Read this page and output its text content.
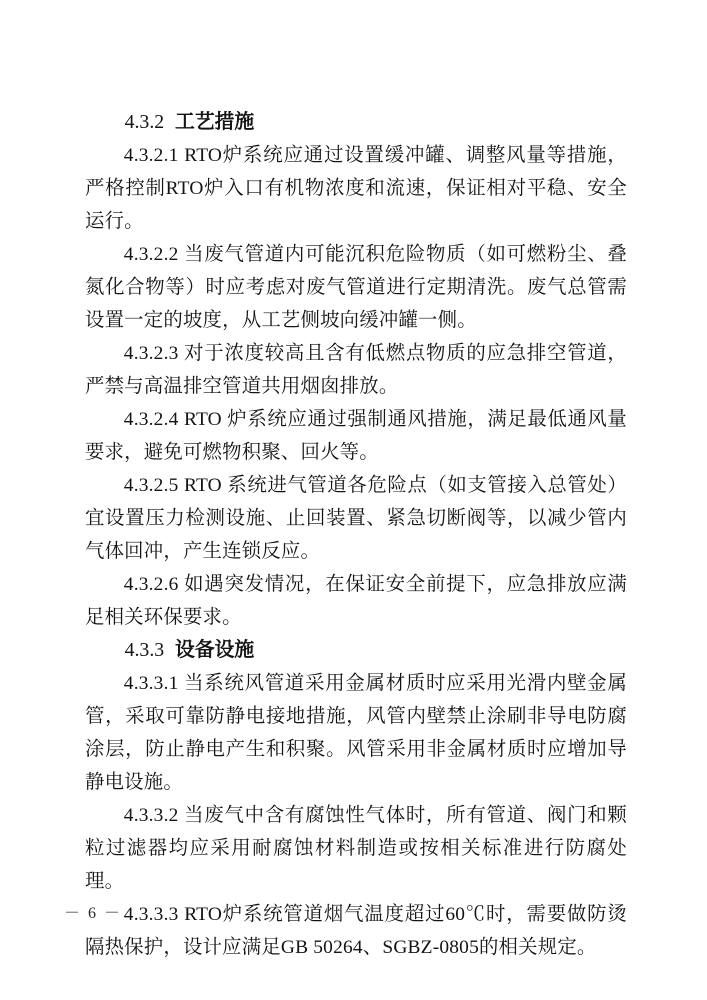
4.3.2 工艺措施

4.3.2.1 RTO炉系统应通过设置缓冲罐、调整风量等措施，严格控制RTO炉入口有机物浓度和流速，保证相对平稳、安全运行。

4.3.2.2 当废气管道内可能沉积危险物质（如可燃粉尘、叠氮化合物等）时应考虑对废气管道进行定期清洗。废气总管需设置一定的坡度，从工艺侧坡向缓冲罐一侧。

4.3.2.3 对于浓度较高且含有低燃点物质的应急排空管道，严禁与高温排空管道共用烟囱排放。

4.3.2.4 RTO 炉系统应通过强制通风措施，满足最低通风量要求，避免可燃物积聚、回火等。

4.3.2.5 RTO 系统进气管道各危险点（如支管接入总管处）宜设置压力检测设施、止回装置、紧急切断阀等，以减少管内气体回冲，产生连锁反应。

4.3.2.6 如遇突发情况，在保证安全前提下，应急排放应满足相关环保要求。

4.3.3 设备设施

4.3.3.1 当系统风管道采用金属材质时应采用光滑内壁金属管，采取可靠防静电接地措施，风管内壁禁止涂刷非导电防腐涂层，防止静电产生和积聚。风管采用非金属材质时应增加导静电设施。

4.3.3.2 当废气中含有腐蚀性气体时，所有管道、阀门和颗粒过滤器均应采用耐腐蚀材料制造或按相关标准进行防腐处理。

4.3.3.3 RTO炉系统管道烟气温度超过60℃时，需要做防烫隔热保护，设计应满足GB 50264、SGBZ-0805的相关规定。

－ 6 －
